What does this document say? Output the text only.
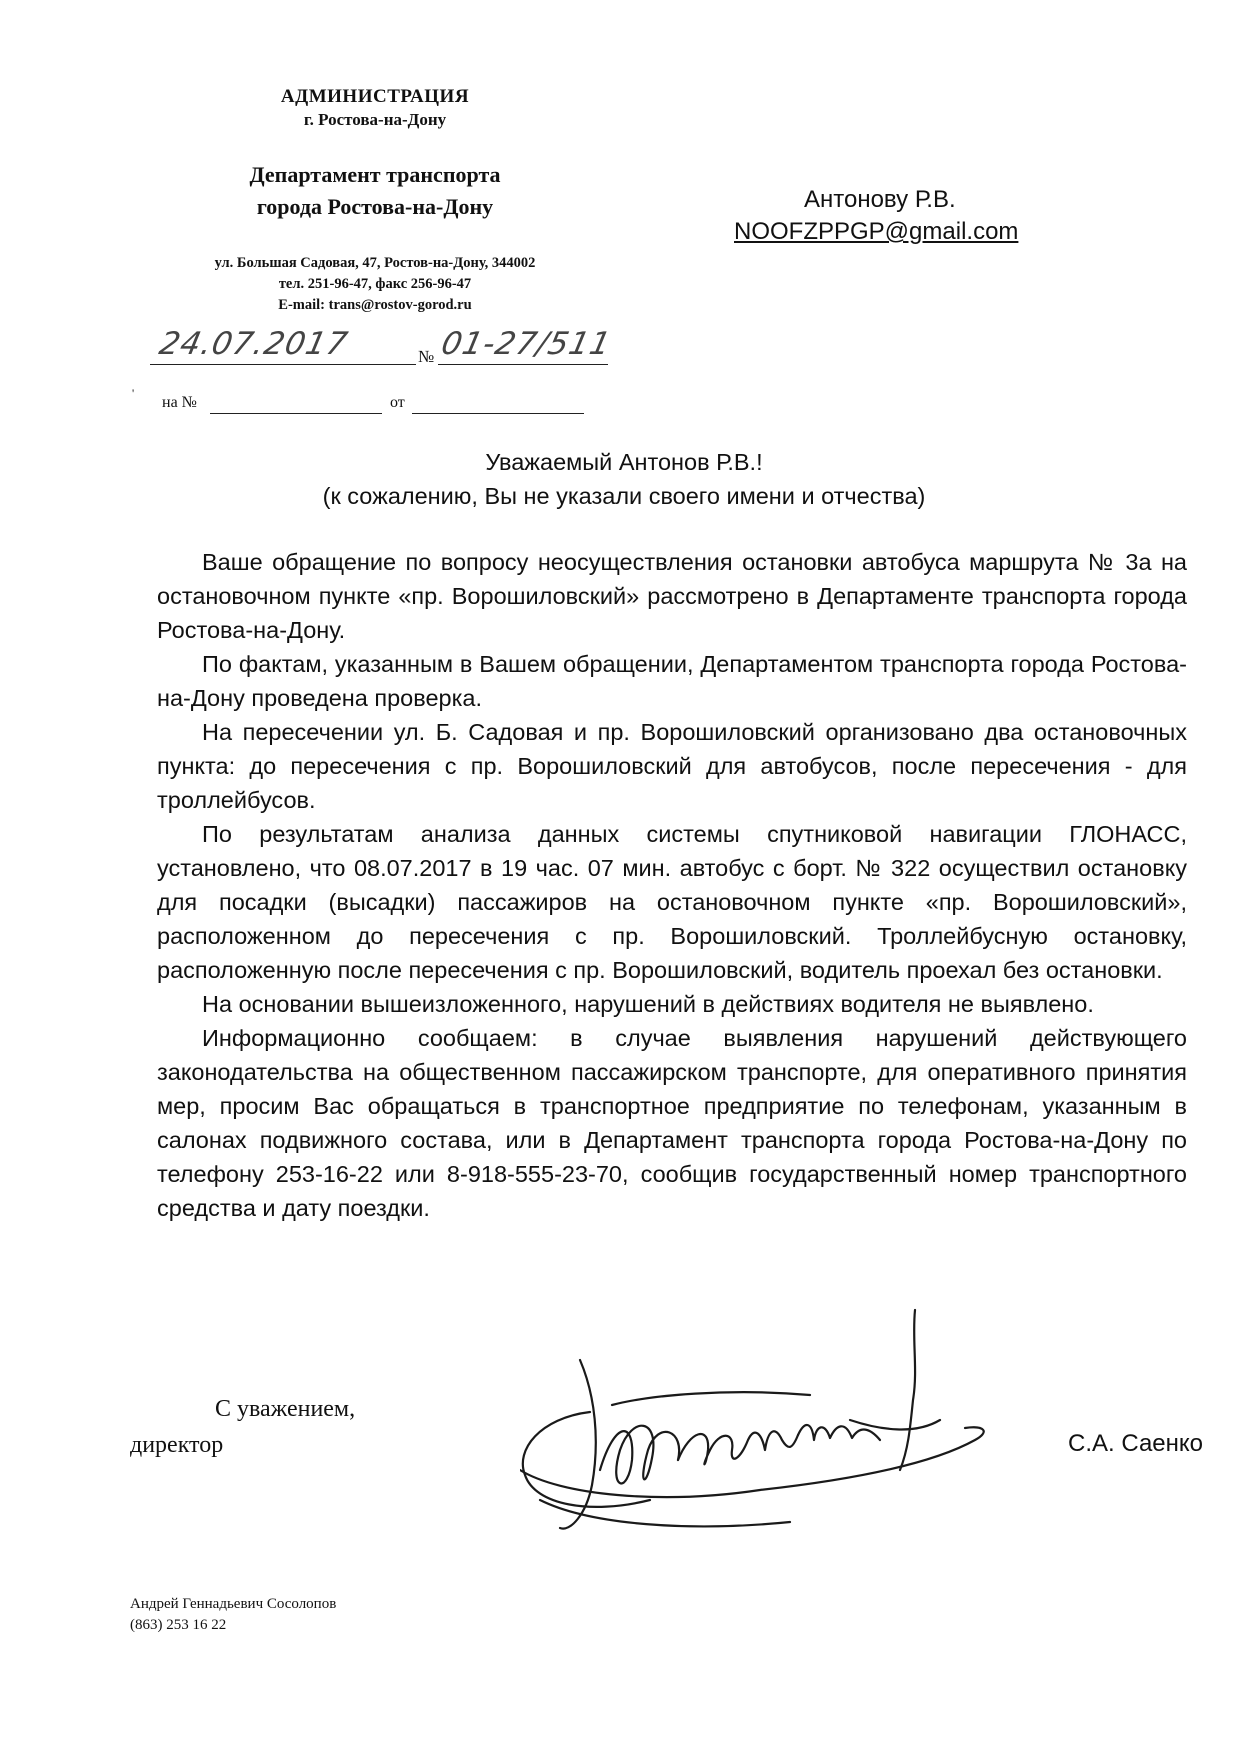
АДМИНИСТРАЦИЯ
г. Ростова-на-Дону
Департамент транспорта
города Ростова-на-Дону
ул. Большая Садовая, 47, Ростов-на-Дону, 344002
тел. 251-96-47, факс 256-96-47
E-mail: trans@rostov-gorod.ru
Антонову Р.В.
NOOFZPPGP@gmail.com
24.07.2017	№ 01-27/511
'
на №	от
Уважаемый Антонов Р.В.!
(к сожалению, Вы не указали своего имени и отчества)

Ваше обращение по вопросу неосуществления остановки автобуса маршрута № 3а на остановочном пункте «пр. Ворошиловский» рассмотрено в Департаменте транспорта города Ростова-на-Дону.

По фактам, указанным в Вашем обращении, Департаментом транспорта города Ростова-на-Дону проведена проверка.

На пересечении ул. Б. Садовая и пр. Ворошиловский организовано два остановочных пункта: до пересечения с пр. Ворошиловский для автобусов, после пересечения - для троллейбусов.

По результатам анализа данных системы спутниковой навигации ГЛОНАСС, установлено, что 08.07.2017 в 19 час. 07 мин. автобус с борт. № 322 осуществил остановку для посадки (высадки) пассажиров на остановочном пункте «пр. Ворошиловский», расположенном до пересечения с пр. Ворошиловский. Троллейбусную остановку, расположенную после пересечения с пр. Ворошиловский, водитель проехал без остановки.

На основании вышеизложенного, нарушений в действиях водителя не выявлено.

Информационно сообщаем: в случае выявления нарушений действующего законодательства на общественном пассажирском транспорте, для оперативного принятия мер, просим Вас обращаться в транспортное предприятие по телефонам, указанным в салонах подвижного состава, или в Департамент транспорта города Ростова-на-Дону по телефону 253-16-22 или 8-918-555-23-70, сообщив государственный номер транспортного средства и дату поездки.

С уважением,
директор	С.А. Саенко
Андрей Геннадьевич Сосолопов
(863) 253 16 22
